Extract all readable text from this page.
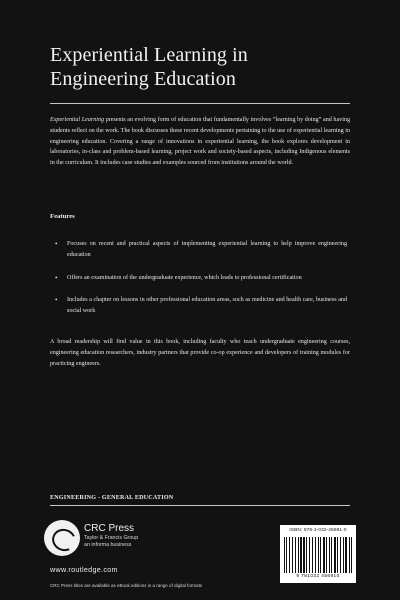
Experiential Learning in
Engineering Education
Experiential Learning presents an evolving form of education that fundamentally involves “learning by doing” and having students reflect on the work. The book discusses these recent developments pertaining to the use of experiential learning in engineering education. Covering a range of innovations in experiential learning, the book explores development in laboratories, in-class and problem-based learning, project work and society-based aspects, including Indigenous elements in the curriculum. It includes case studies and examples sourced from institutions around the world.
Features
• Focuses on recent and practical aspects of implementing experiential learning to help improve engineering education
• Offers an examination of the undergraduate experience, which leads to professional certification
• Includes a chapter on lessons in other professional education areas, such as medicine and health care, business and social work
A broad readership will find value in this book, including faculty who teach undergraduate engineering courses, engineering education researchers, industry partners that provide co-op experience and developers of training modules for practicing engineers.
ENGINEERING - GENERAL EDUCATION
CRC Press
Taylor & Francis Group
an informa business
www.routledge.com
CRC Press titles are available as eBook editions in a range of digital formats
ISBN: 978-1-032-45691-0
9 781032 456910
